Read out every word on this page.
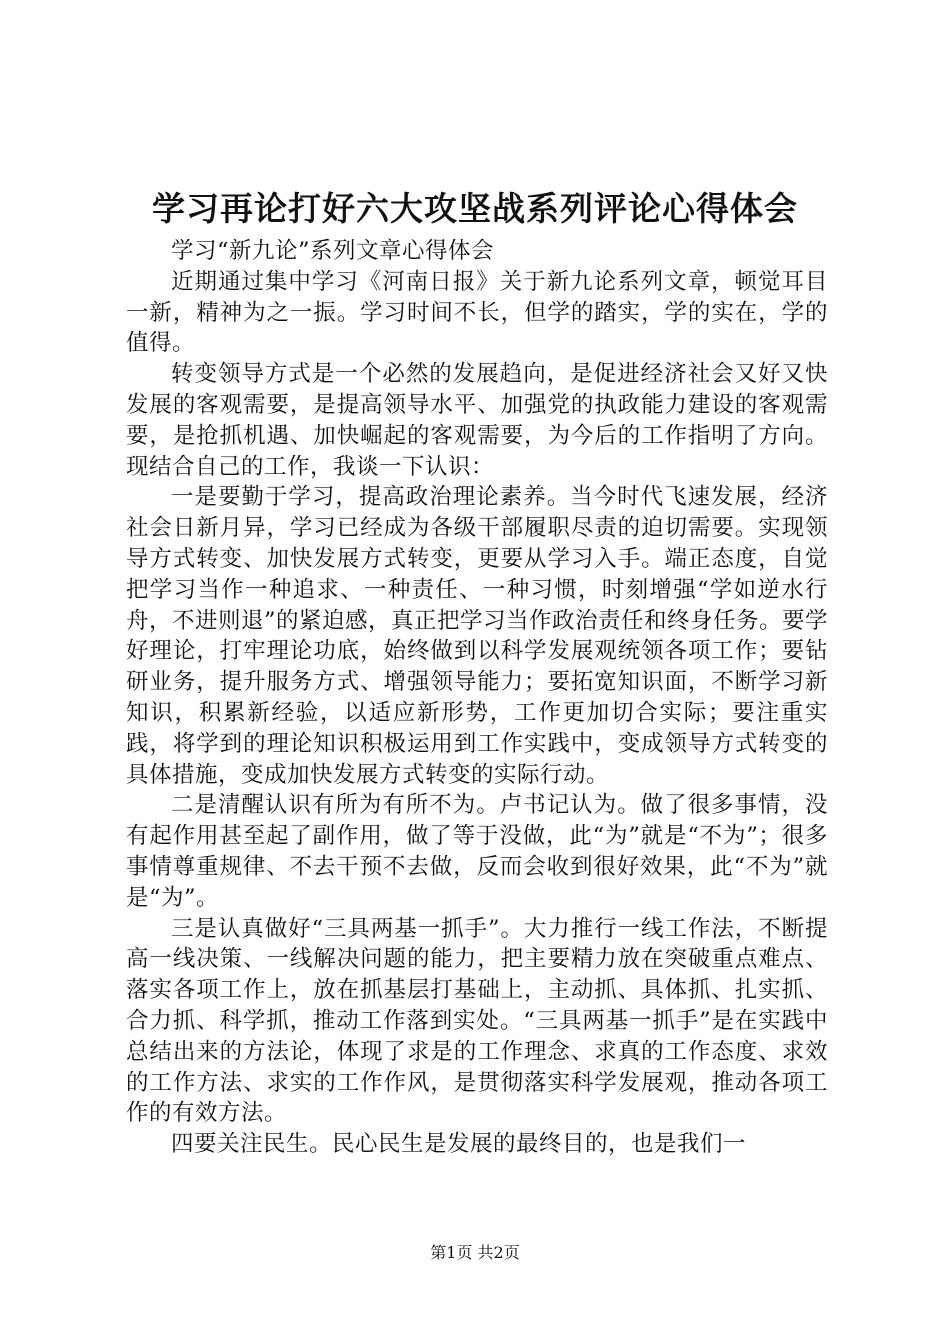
学习再论打好六大攻坚战系列评论心得体会

学习“新九论”系列文章心得体会

近期通过集中学习《河南日报》关于新九论系列文章，顿觉耳目一新，精神为之一振。学习时间不长，但学的踏实，学的实在，学的值得。

转变领导方式是一个必然的发展趋向，是促进经济社会又好又快发展的客观需要，是提高领导水平、加强党的执政能力建设的客观需要，是抢抓机遇、加快崛起的客观需要，为今后的工作指明了方向。现结合自己的工作，我谈一下认识：

一是要勤于学习，提高政治理论素养。当今时代飞速发展，经济社会日新月异，学习已经成为各级干部履职尽责的迫切需要。实现领导方式转变、加快发展方式转变，更要从学习入手。端正态度，自觉把学习当作一种追求、一种责任、一种习惯，时刻增强“学如逆水行舟，不进则退”的紧迫感，真正把学习当作政治责任和终身任务。要学好理论，打牢理论功底，始终做到以科学发展观统领各项工作；要钻研业务，提升服务方式、增强领导能力；要拓宽知识面，不断学习新知识，积累新经验，以适应新形势，工作更加切合实际；要注重实践，将学到的理论知识积极运用到工作实践中，变成领导方式转变的具体措施，变成加快发展方式转变的实际行动。

二是清醒认识有所为有所不为。卢书记认为。做了很多事情，没有起作用甚至起了副作用，做了等于没做，此“为”就是“不为”；很多事情尊重规律、不去干预不去做，反而会收到很好效果，此“不为”就是“为”。

三是认真做好“三具两基一抓手”。大力推行一线工作法，不断提高一线决策、一线解决问题的能力，把主要精力放在突破重点难点、落实各项工作上，放在抓基层打基础上，主动抓、具体抓、扎实抓、合力抓、科学抓，推动工作落到实处。“三具两基一抓手”是在实践中总结出来的方法论，体现了求是的工作理念、求真的工作态度、求效的工作方法、求实的工作作风，是贯彻落实科学发展观，推动各项工作的有效方法。

四要关注民生。民心民生是发展的最终目的，也是我们一

第1页 共2页
